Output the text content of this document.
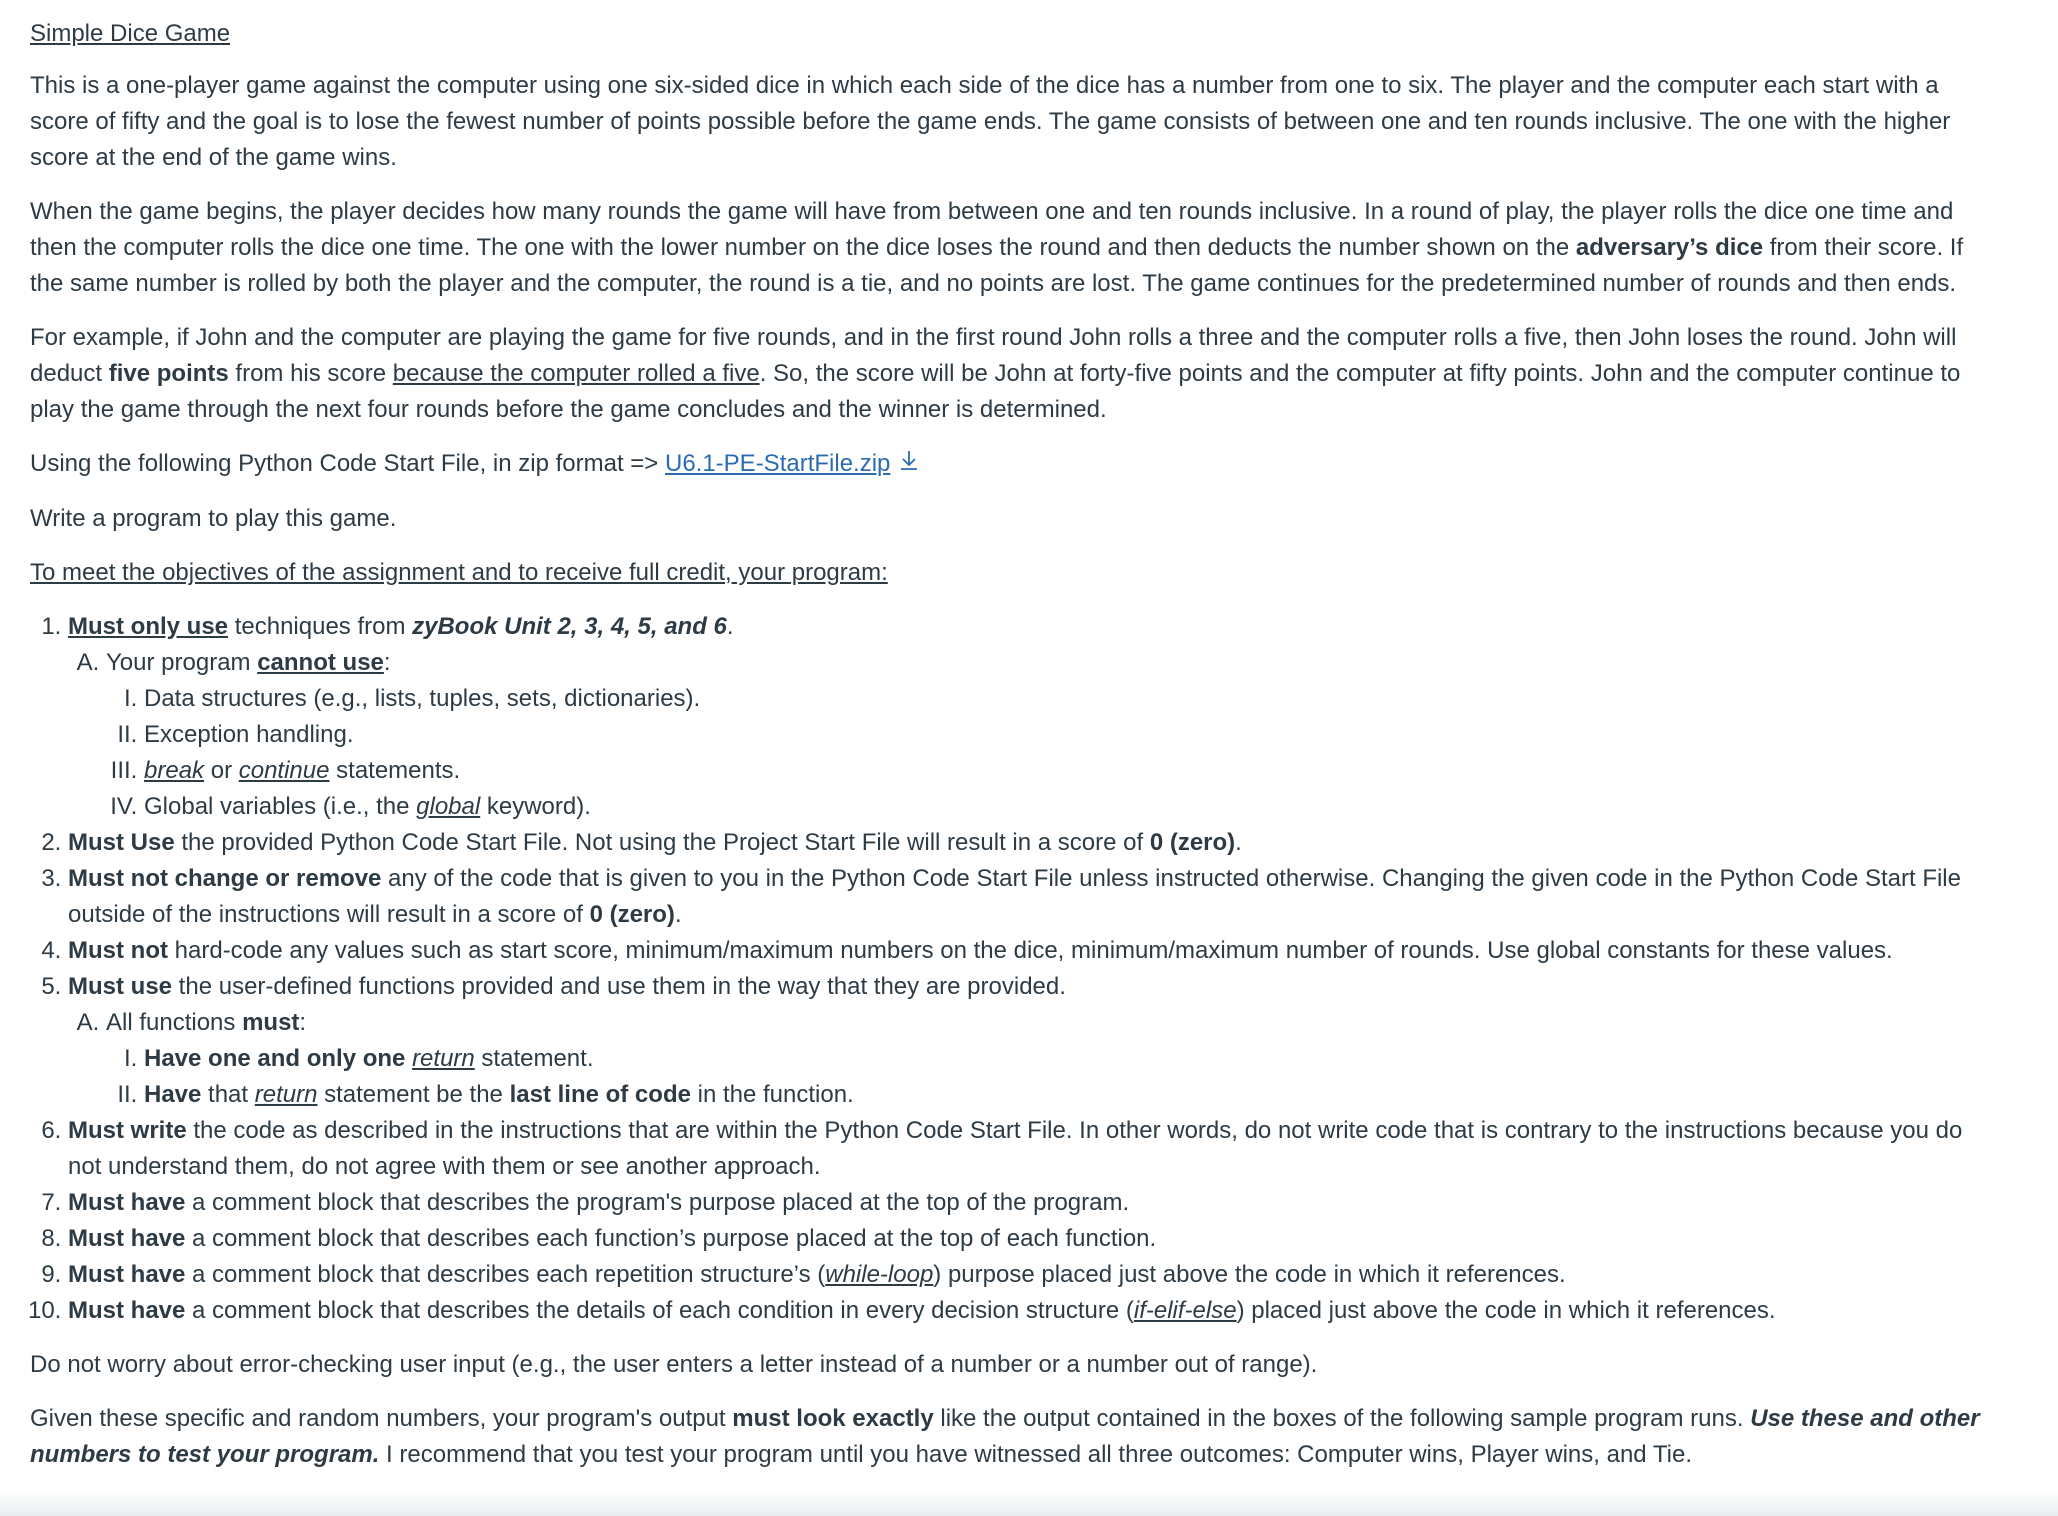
Simple Dice Game

This is a one-player game against the computer using one six-sided dice in which each side of the dice has a number from one to six. The player and the computer each start with a score of fifty and the goal is to lose the fewest number of points possible before the game ends. The game consists of between one and ten rounds inclusive. The one with the higher score at the end of the game wins.

When the game begins, the player decides how many rounds the game will have from between one and ten rounds inclusive. In a round of play, the player rolls the dice one time and then the computer rolls the dice one time. The one with the lower number on the dice loses the round and then deducts the number shown on the adversary’s dice from their score. If the same number is rolled by both the player and the computer, the round is a tie, and no points are lost. The game continues for the predetermined number of rounds and then ends.

For example, if John and the computer are playing the game for five rounds, and in the first round John rolls a three and the computer rolls a five, then John loses the round. John will deduct five points from his score because the computer rolled a five. So, the score will be John at forty-five points and the computer at fifty points. John and the computer continue to play the game through the next four rounds before the game concludes and the winner is determined.

Using the following Python Code Start File, in zip format => U6.1-PE-StartFile.zip

Write a program to play this game.

To meet the objectives of the assignment and to receive full credit, your program:

1. Must only use techniques from zyBook Unit 2, 3, 4, 5, and 6.
A. Your program cannot use:
I. Data structures (e.g., lists, tuples, sets, dictionaries).
II. Exception handling.
III. break or continue statements.
IV. Global variables (i.e., the global keyword).
2. Must Use the provided Python Code Start File. Not using the Project Start File will result in a score of 0 (zero).
3. Must not change or remove any of the code that is given to you in the Python Code Start File unless instructed otherwise. Changing the given code in the Python Code Start File outside of the instructions will result in a score of 0 (zero).
4. Must not hard-code any values such as start score, minimum/maximum numbers on the dice, minimum/maximum number of rounds. Use global constants for these values.
5. Must use the user-defined functions provided and use them in the way that they are provided.
A. All functions must:
I. Have one and only one return statement.
II. Have that return statement be the last line of code in the function.
6. Must write the code as described in the instructions that are within the Python Code Start File. In other words, do not write code that is contrary to the instructions because you do not understand them, do not agree with them or see another approach.
7. Must have a comment block that describes the program's purpose placed at the top of the program.
8. Must have a comment block that describes each function’s purpose placed at the top of each function.
9. Must have a comment block that describes each repetition structure’s (while-loop) purpose placed just above the code in which it references.
10. Must have a comment block that describes the details of each condition in every decision structure (if-elif-else) placed just above the code in which it references.

Do not worry about error-checking user input (e.g., the user enters a letter instead of a number or a number out of range).

Given these specific and random numbers, your program's output must look exactly like the output contained in the boxes of the following sample program runs. Use these and other numbers to test your program. I recommend that you test your program until you have witnessed all three outcomes: Computer wins, Player wins, and Tie.
